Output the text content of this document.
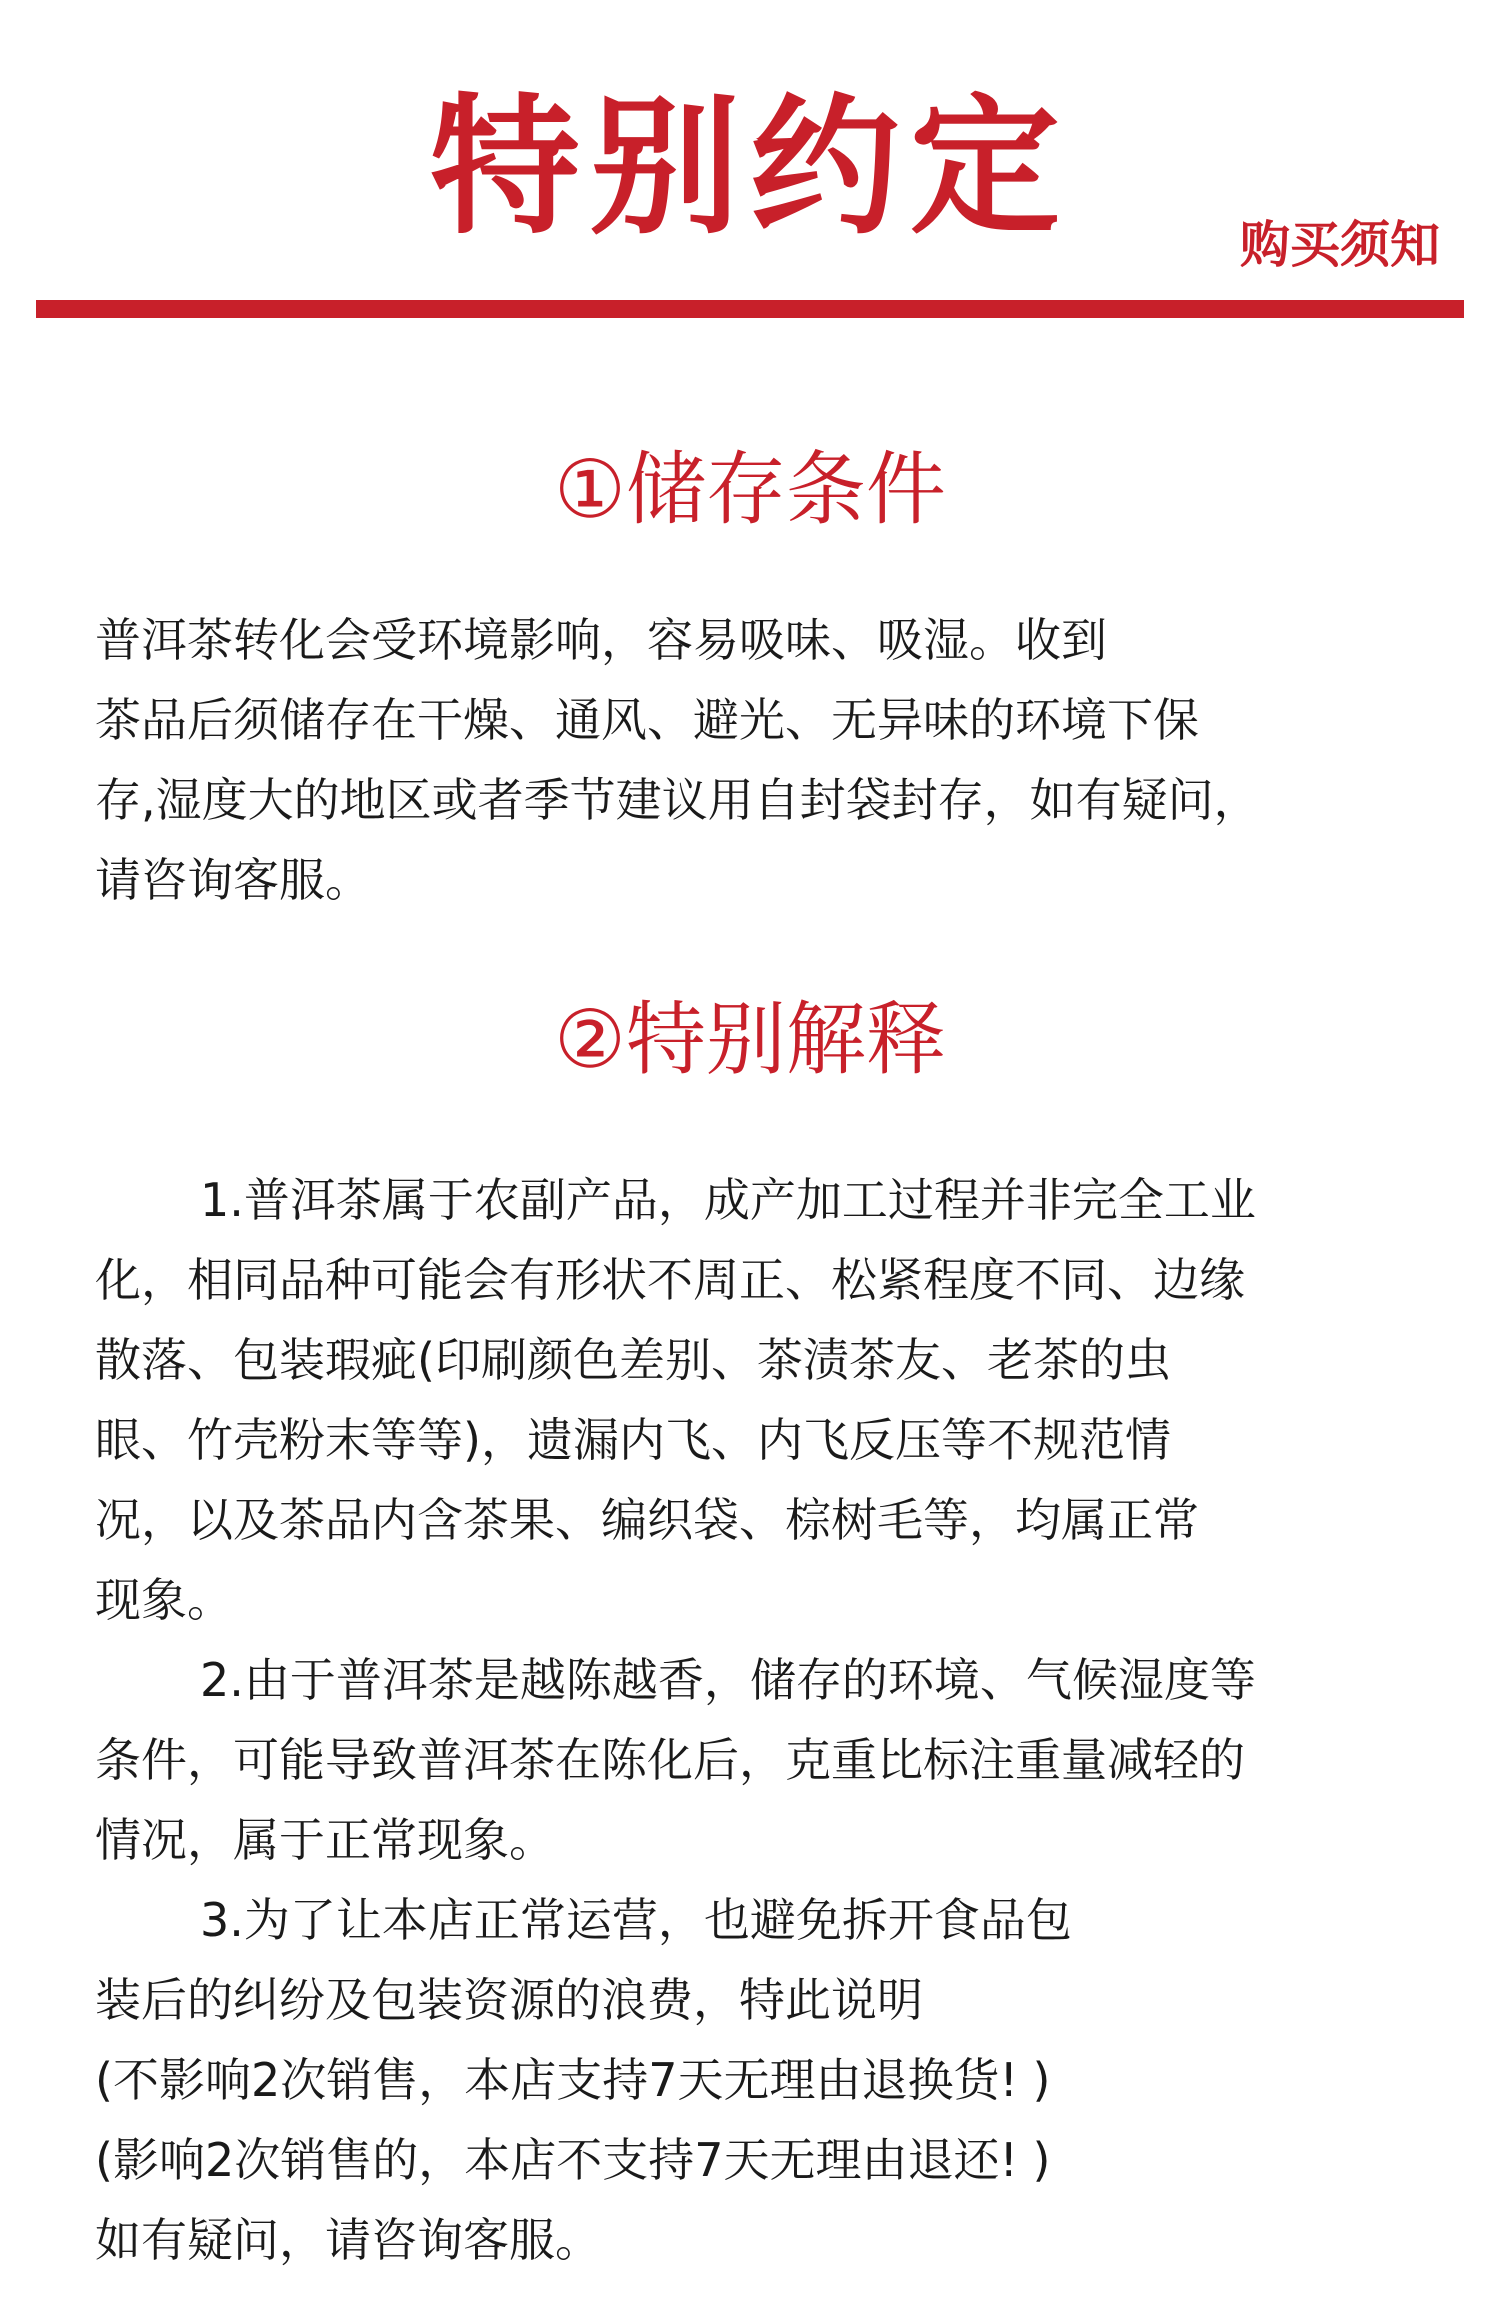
特别约定	购买须知
①储存条件
普洱茶转化会受环境影响，容易吸味、吸湿。收到
茶品后须储存在干燥、通风、避光、无异味的环境下保
存,湿度大的地区或者季节建议用自封袋封存，如有疑问，
请咨询客服。
②特别解释
1.普洱茶属于农副产品，成产加工过程并非完全工业
化，相同品种可能会有形状不周正、松紧程度不同、边缘
散落、包装瑕疵(印刷颜色差别、茶渍茶友、老茶的虫
眼、竹壳粉末等等)，遗漏内飞、内飞反压等不规范情
况，以及茶品内含茶果、编织袋、棕树毛等，均属正常
现象。
2.由于普洱茶是越陈越香，储存的环境、气候湿度等
条件，可能导致普洱茶在陈化后，克重比标注重量减轻的
情况，属于正常现象。
3.为了让本店正常运营，也避免拆开食品包
装后的纠纷及包装资源的浪费，特此说明
(不影响2次销售，本店支持7天无理由退换货! )
(影响2次销售的，本店不支持7天无理由退还! )
如有疑问，请咨询客服。
